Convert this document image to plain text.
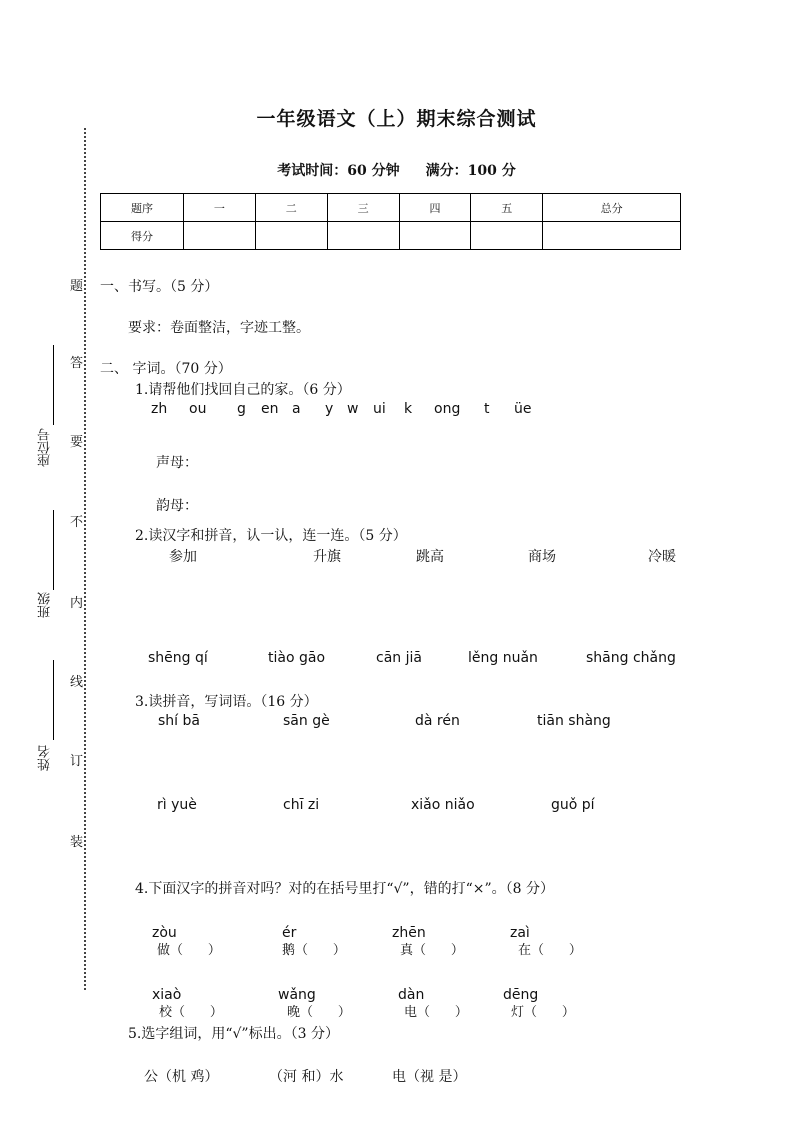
题
答
要
不
内
线
订
装
座位号
班级
姓名
一年级语文（上）期末综合测试
考试时间：60 分钟 满分：100 分
题序	一	二	三	四	五	总分
得分						
一、书写。（5 分）
要求：卷面整洁，字迹工整。
二、 字词。（70 分）
1.请帮他们找回自己的家。（6 分）
zh ou g en a y w ui k ong t üe
声母：
韵母：
2.读汉字和拼音，认一认，连一连。（5 分）
参加	升旗	跳高	商场	冷暖
shēng qí	tiào gāo	cān jiā	lěng nuǎn	shāng chǎng
3.读拼音，写词语。（16 分）
shí bā	sān gè	dà rén	tiān shàng
rì yuè	chī zi	xiǎo niǎo	guǒ pí
4.下面汉字的拼音对吗？对的在括号里打“√”，错的打“×”。（8 分）
zòu	ér	zhēn	zaì
做（ ）	鹅（ ）	真（ ）	在（ ）
xiaò	wǎng	dàn	dēng
校（ ）	晚（ ）	电（ ）	灯（ ）
5.选字组词，用“√”标出。（3 分）
公（机 鸡）	（河 和）水	电（视 是）
